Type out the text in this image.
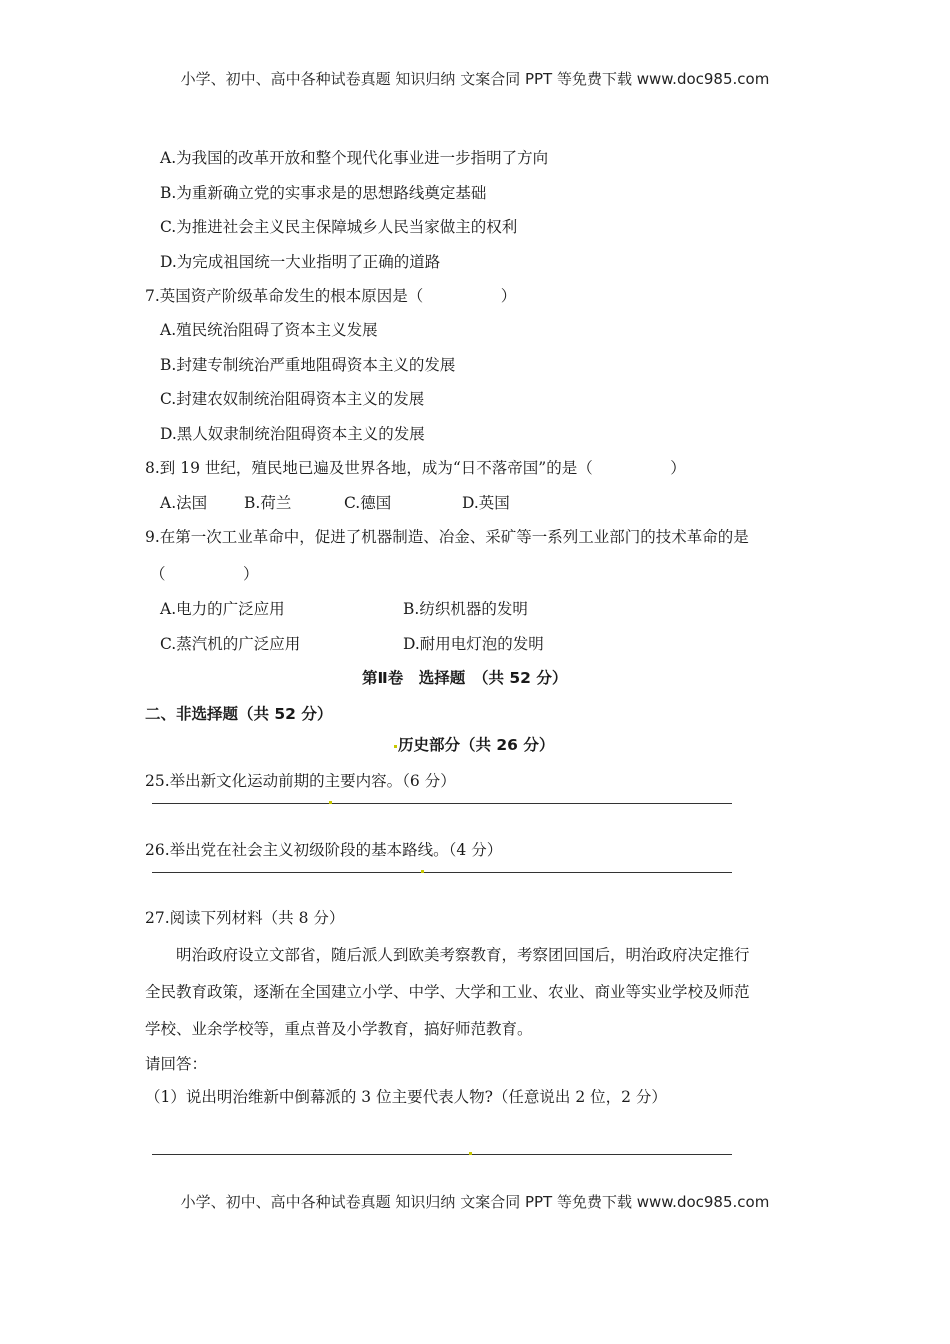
小学、初中、高中各种试卷真题 知识归纳 文案合同 PPT 等免费下载 www.doc985.com
A.为我国的改革开放和整个现代化事业进一步指明了方向
B.为重新确立党的实事求是的思想路线奠定基础
C.为推进社会主义民主保障城乡人民当家做主的权利
D.为完成祖国统一大业指明了正确的道路
7.英国资产阶级革命发生的根本原因是（　　　　　）
A.殖民统治阻碍了资本主义发展
B.封建专制统治严重地阻碍资本主义的发展
C.封建农奴制统治阻碍资本主义的发展
D.黑人奴隶制统治阻碍资本主义的发展
8.到 19 世纪，殖民地已遍及世界各地，成为“日不落帝国”的是（　　　　　）
A.法国 B.荷兰	C.德国	D.英国
9.在第一次工业革命中，促进了机器制造、冶金、采矿等一系列工业部门的技术革命的是
（　　　　　）
A.电力的广泛应用	B.纺织机器的发明
C.蒸汽机的广泛应用	D.耐用电灯泡的发明
第Ⅱ卷　选择题　（共 52 分）
二、非选择题（共 52 分）
历史部分（共 26 分）
25.举出新文化运动前期的主要内容。（6 分）
26.举出党在社会主义初级阶段的基本路线。（4 分）
27.阅读下列材料（共 8 分）
明治政府设立文部省，随后派人到欧美考察教育，考察团回国后，明治政府决定推行
全民教育政策，逐渐在全国建立小学、中学、大学和工业、农业、商业等实业学校及师范
学校、业余学校等，重点普及小学教育，搞好师范教育。
请回答：
（1）说出明治维新中倒幕派的 3 位主要代表人物?（任意说出 2 位，2 分）
小学、初中、高中各种试卷真题 知识归纳 文案合同 PPT 等免费下载 www.doc985.com
